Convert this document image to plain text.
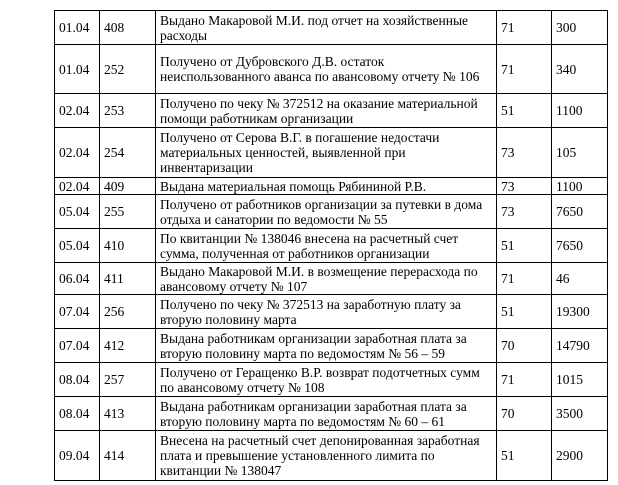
01.04	408	Выдано Макаровой М.И. под отчет на хозяйственные расходы	71	300
01.04	252	Получено от Дубровского Д.В. остаток неиспользованного аванса по авансовому отчету № 106	71	340
02.04	253	Получено по чеку № 372512 на оказание материальной помощи работникам организации	51	1100
02.04	254	Получено от Серова В.Г. в погашение недостачи материальных ценностей, выявленной при инвентаризации	73	105
02.04	409	Выдана материальная помощь Рябининой Р.В.	73	1100
05.04	255	Получено от работников организации за путевки в дома отдыха и санатории по ведомости № 55	73	7650
05.04	410	По квитанции № 138046 внесена на расчетный счет сумма, полученная от работников организации	51	7650
06.04	411	Выдано Макаровой М.И. в возмещение перерасхода по авансовому отчету № 107	71	46
07.04	256	Получено по чеку № 372513 на заработную плату за вторую половину марта	51	19300
07.04	412	Выдана работникам организации заработная плата за вторую половину марта по ведомостям № 56 – 59	70	14790
08.04	257	Получено от Геращенко В.Р. возврат подотчетных сумм по авансовому отчету № 108	71	1015
08.04	413	Выдана работникам организации заработная плата за вторую половину марта по ведомостям № 60 – 61	70	3500
09.04	414	Внесена на расчетный счет депонированная заработная плата и превышение установленного лимита по квитанции № 138047	51	2900
